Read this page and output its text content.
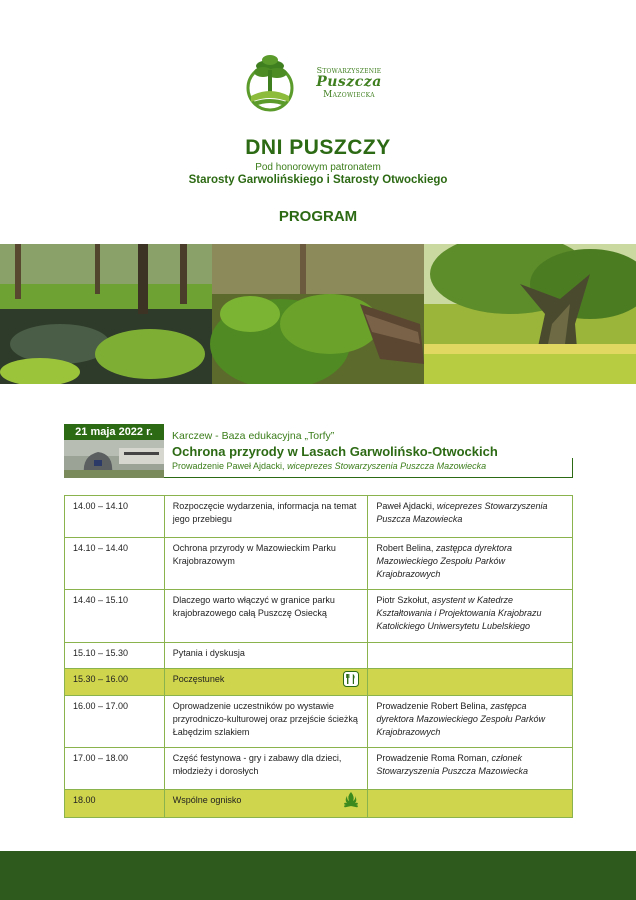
Stowarzyszenie
Puszcza
Mazowiecka
DNI PUSZCZY
Pod honorowym patronatem
Starosty Garwolińskiego i Starosty Otwockiego
PROGRAM
21 maja 2022 r.	Karczew - Baza edukacyjna „Torfy”
Ochrona przyrody w Lasach Garwolińsko-Otwockich
Prowadzenie Paweł Ajdacki, wiceprezes Stowarzyszenia Puszcza Mazowiecka
14.00 – 14.10	Rozpoczęcie wydarzenia, informacja na temat jego przebiegu	Paweł Ajdacki, wiceprezes Stowarzyszenia Puszcza Mazowiecka
14.10 – 14.40	Ochrona przyrody w Mazowieckim Parku Krajobrazowym	Robert Belina, zastępca dyrektora Mazowieckiego Zespołu Parków Krajobrazowych
14.40 – 15.10	Dlaczego warto włączyć w granice parku krajobrazowego całą Puszczę Osiecką	Piotr Szkołut, asystent w Katedrze Kształtowania i Projektowania Krajobrazu Katolickiego Uniwersytetu Lubelskiego
15.10 – 15.30	Pytania i dyskusja	
15.30 – 16.00	Poczęstunek

16.00 – 17.00	Oprowadzenie uczestników po wystawie przyrodniczo-kulturowej oraz przejście ścieżką Łabędzim szlakiem	Prowadzenie Robert Belina, zastępca dyrektora Mazowieckiego Zespołu Parków Krajobrazowych
17.00 – 18.00	Część festynowa - gry i zabawy dla dzieci, młodzieży i dorosłych	Prowadzenie Roma Roman, członek Stowarzyszenia Puszcza Mazowiecka
18.00	Wspólne ognisko
